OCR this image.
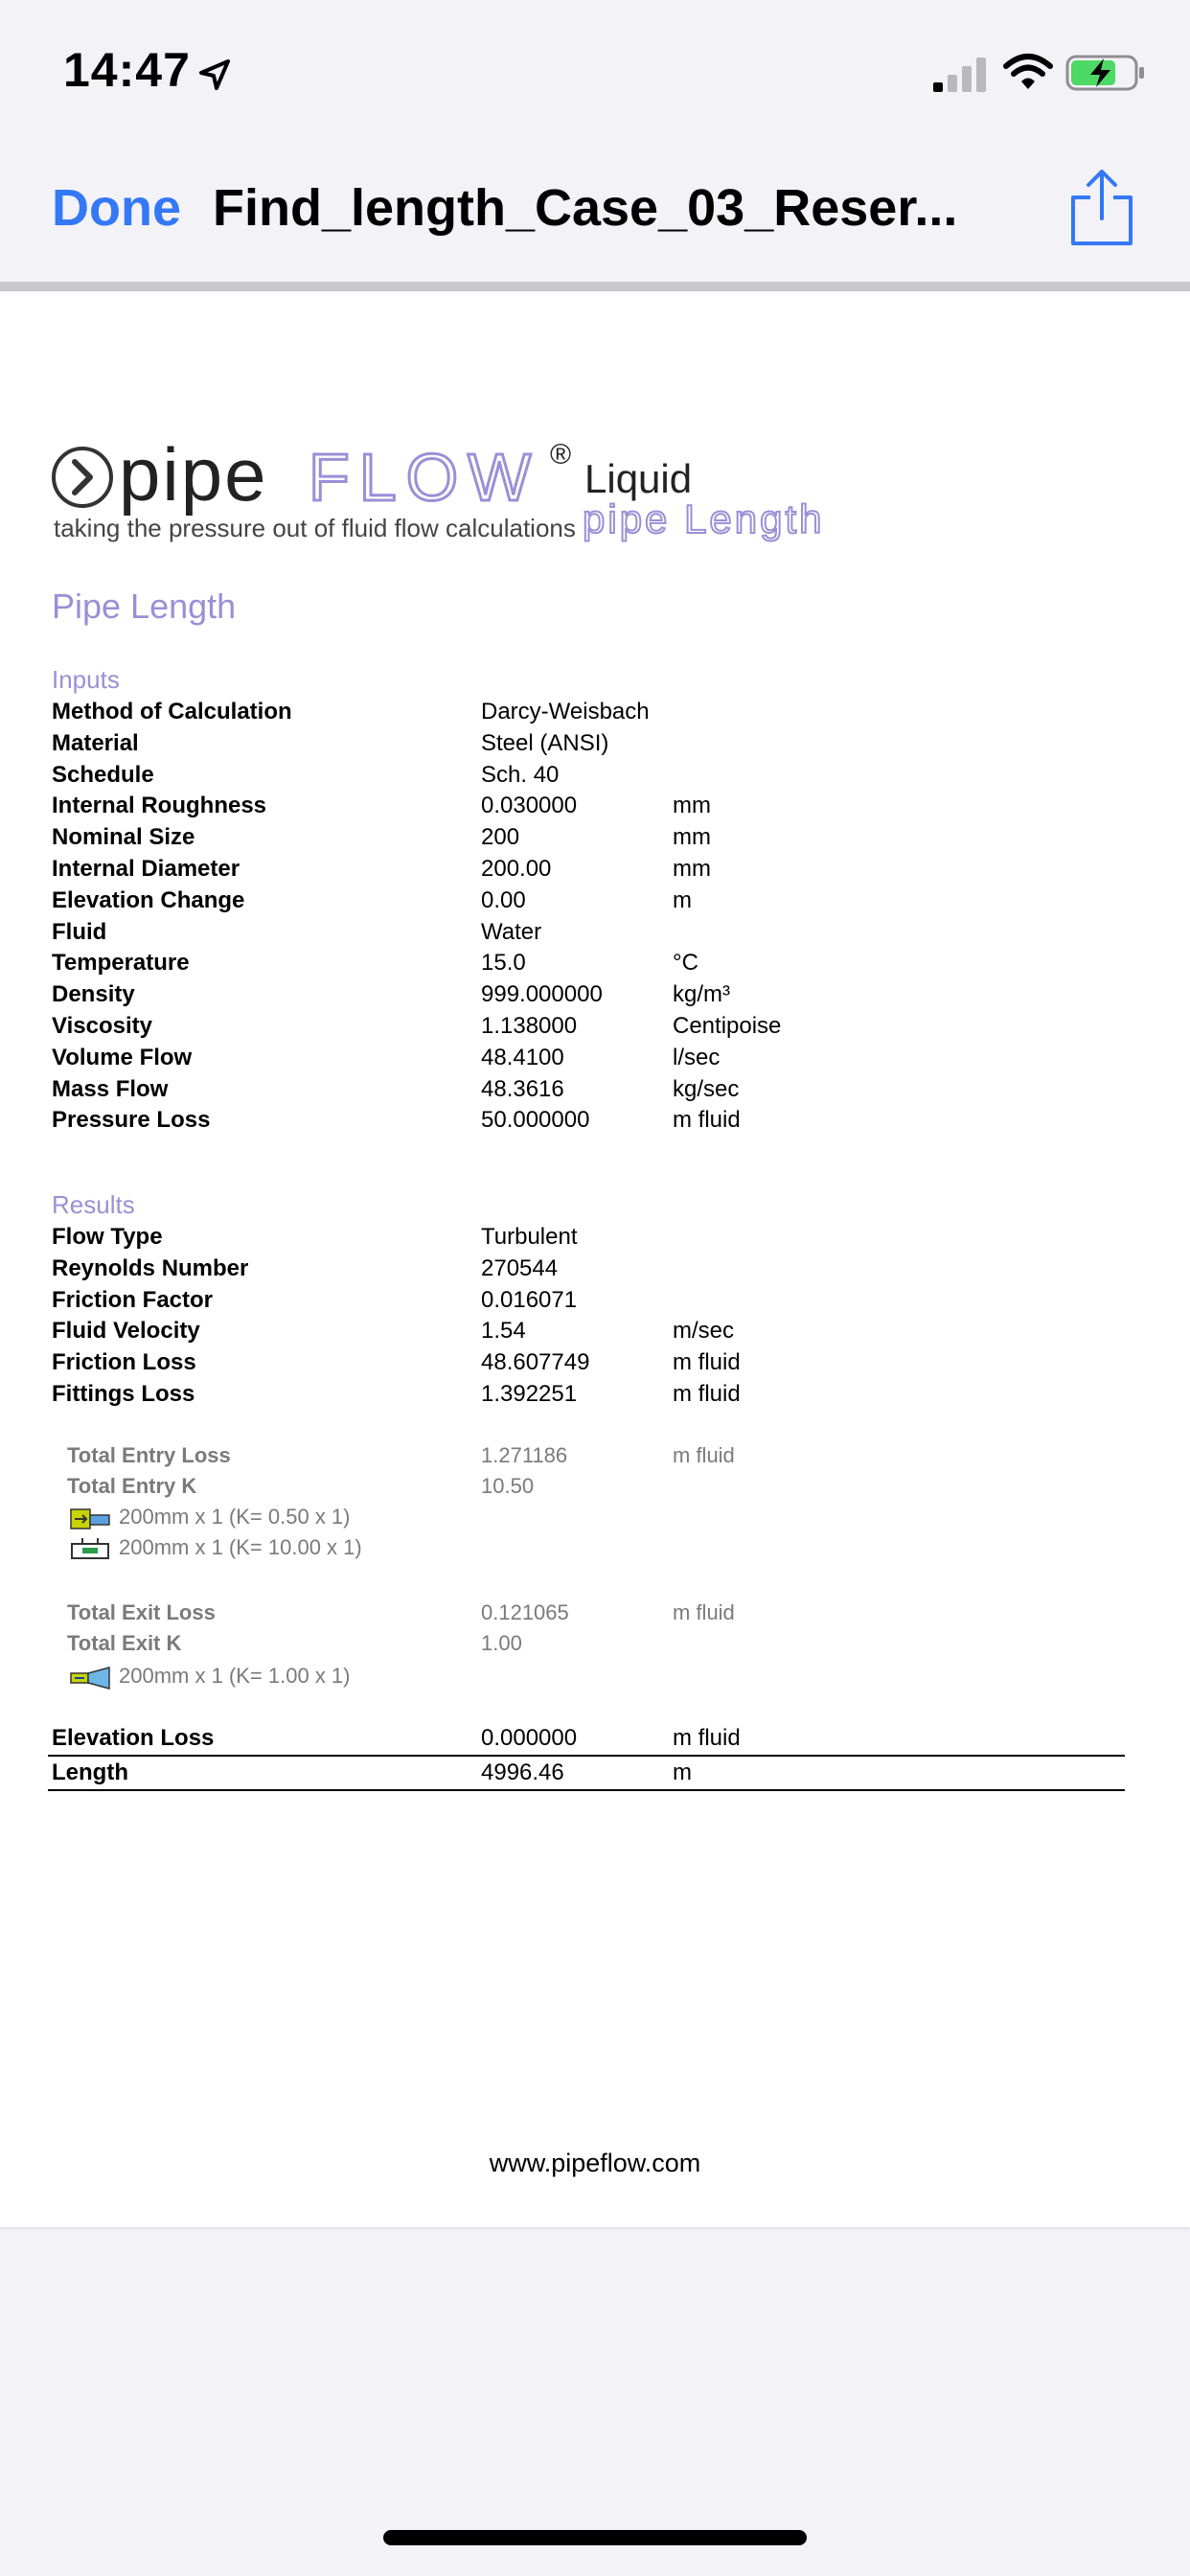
14:47
Done Find_length_Case_03_Reser...
pipe FLOW ®
Liquid
pipe Length
taking the pressure out of fluid flow calculations
Pipe Length
Inputs
Method of Calculation	Darcy-Weisbach
Material	Steel (ANSI)
Schedule	Sch. 40
Internal Roughness	0.030000	mm
Nominal Size	200	mm
Internal Diameter	200.00	mm
Elevation Change	0.00	m
Fluid	Water
Temperature	15.0	°C
Density	999.000000	kg/m³
Viscosity	1.138000	Centipoise
Volume Flow	48.4100	l/sec
Mass Flow	48.3616	kg/sec
Pressure Loss	50.000000	m fluid
Results
Flow Type	Turbulent
Reynolds Number	270544
Friction Factor	0.016071
Fluid Velocity	1.54	m/sec
Friction Loss	48.607749	m fluid
Fittings Loss	1.392251	m fluid
Total Entry Loss	1.271186	m fluid
Total Entry K	10.50
200mm x 1 (K= 0.50 x 1)
200mm x 1 (K= 10.00 x 1)
Total Exit Loss	0.121065	m fluid
Total Exit K	1.00
200mm x 1 (K= 1.00 x 1)
Elevation Loss	0.000000	m fluid
Length	4996.46	m
www.pipeflow.com
